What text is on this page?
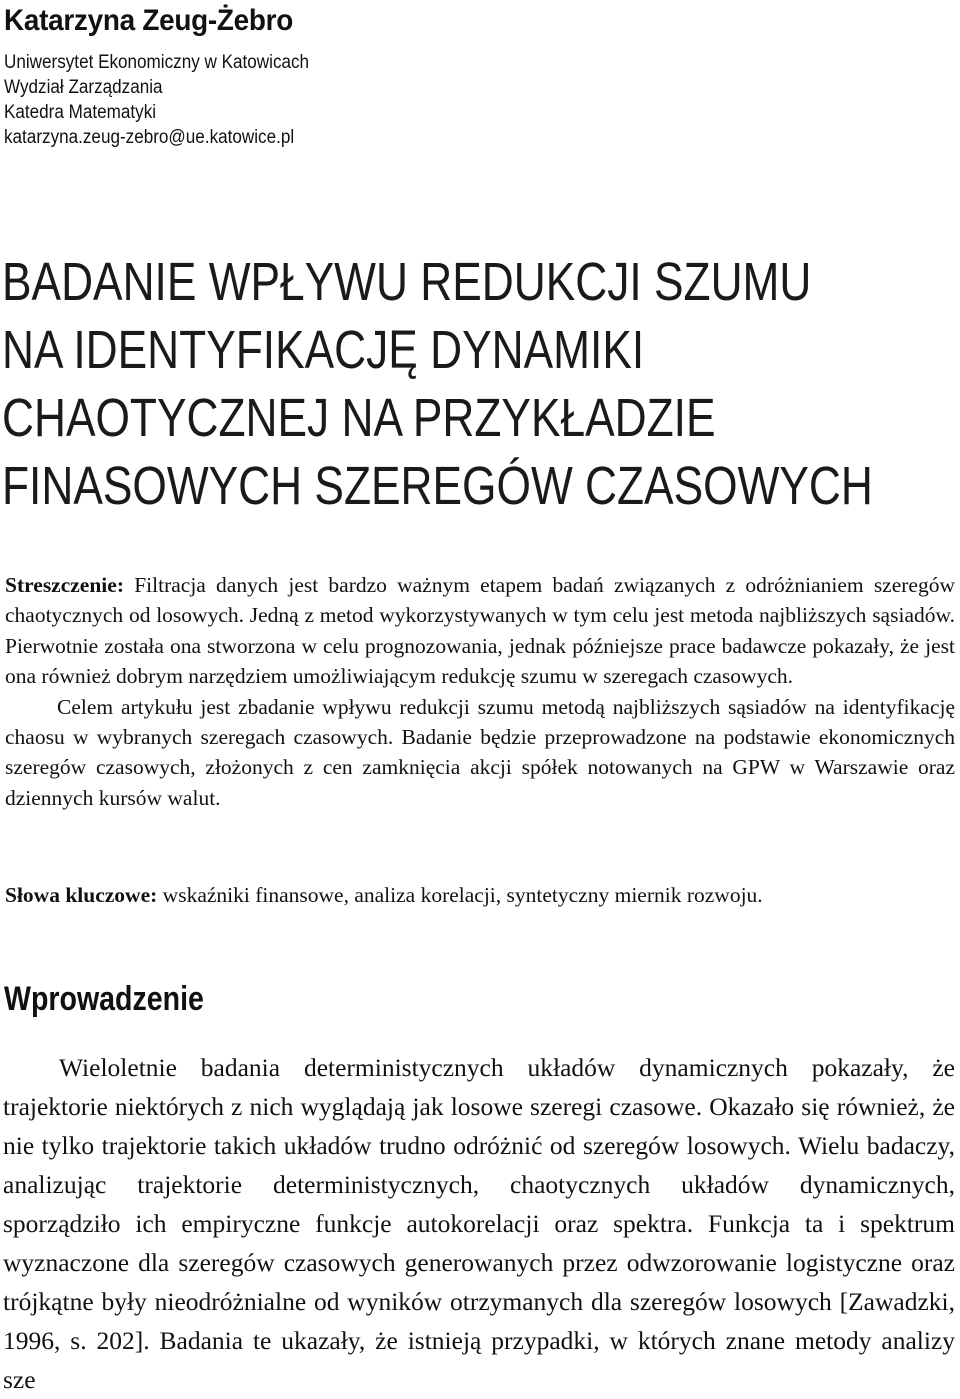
Katarzyna Zeug-Żebro
Uniwersytet Ekonomiczny w Katowicach
Wydział Zarządzania
Katedra Matematyki
katarzyna.zeug-zebro@ue.katowice.pl
BADANIE WPŁYWU REDUKCJI SZUMU
NA IDENTYFIKACJĘ DYNAMIKI
CHAOTYCZNEJ NA PRZYKŁADZIE
FINASOWYCH SZEREGÓW CZASOWYCH

Streszczenie: Filtracja danych jest bardzo ważnym etapem badań związanych z odróżnianiem szeregów chaotycznych od losowych. Jedną z metod wykorzystywanych w tym celu jest metoda najbliższych sąsiadów. Pierwotnie została ona stworzona w celu prognozowania, jednak późniejsze prace badawcze pokazały, że jest ona również dobrym narzędziem umożliwiającym redukcję szumu w szeregach czasowych.

Celem artykułu jest zbadanie wpływu redukcji szumu metodą najbliższych sąsiadów na identyfikację chaosu w wybranych szeregach czasowych. Badanie będzie przeprowadzone na podstawie ekonomicznych szeregów czasowych, złożonych z cen zamknięcia akcji spółek notowanych na GPW w Warszawie oraz dziennych kursów walut.

Słowa kluczowe: wskaźniki finansowe, analiza korelacji, syntetyczny miernik rozwoju.
Wprowadzenie

Wieloletnie badania deterministycznych układów dynamicznych pokazały, że trajektorie niektórych z nich wyglądają jak losowe szeregi czasowe. Okazało się również, że nie tylko trajektorie takich układów trudno odróżnić od szeregów losowych. Wielu badaczy, analizując trajektorie deterministycznych, chaotycznych układów dynamicznych, sporządziło ich empiryczne funkcje autokorelacji oraz spektra. Funkcja ta i spektrum wyznaczone dla szeregów czasowych generowanych przez odwzorowanie logistyczne oraz trójkątne były nieodróżnialne od wyników otrzymanych dla szeregów losowych [Zawadzki, 1996, s. 202]. Badania te ukazały, że istnieją przypadki, w których znane metody analizy sze
